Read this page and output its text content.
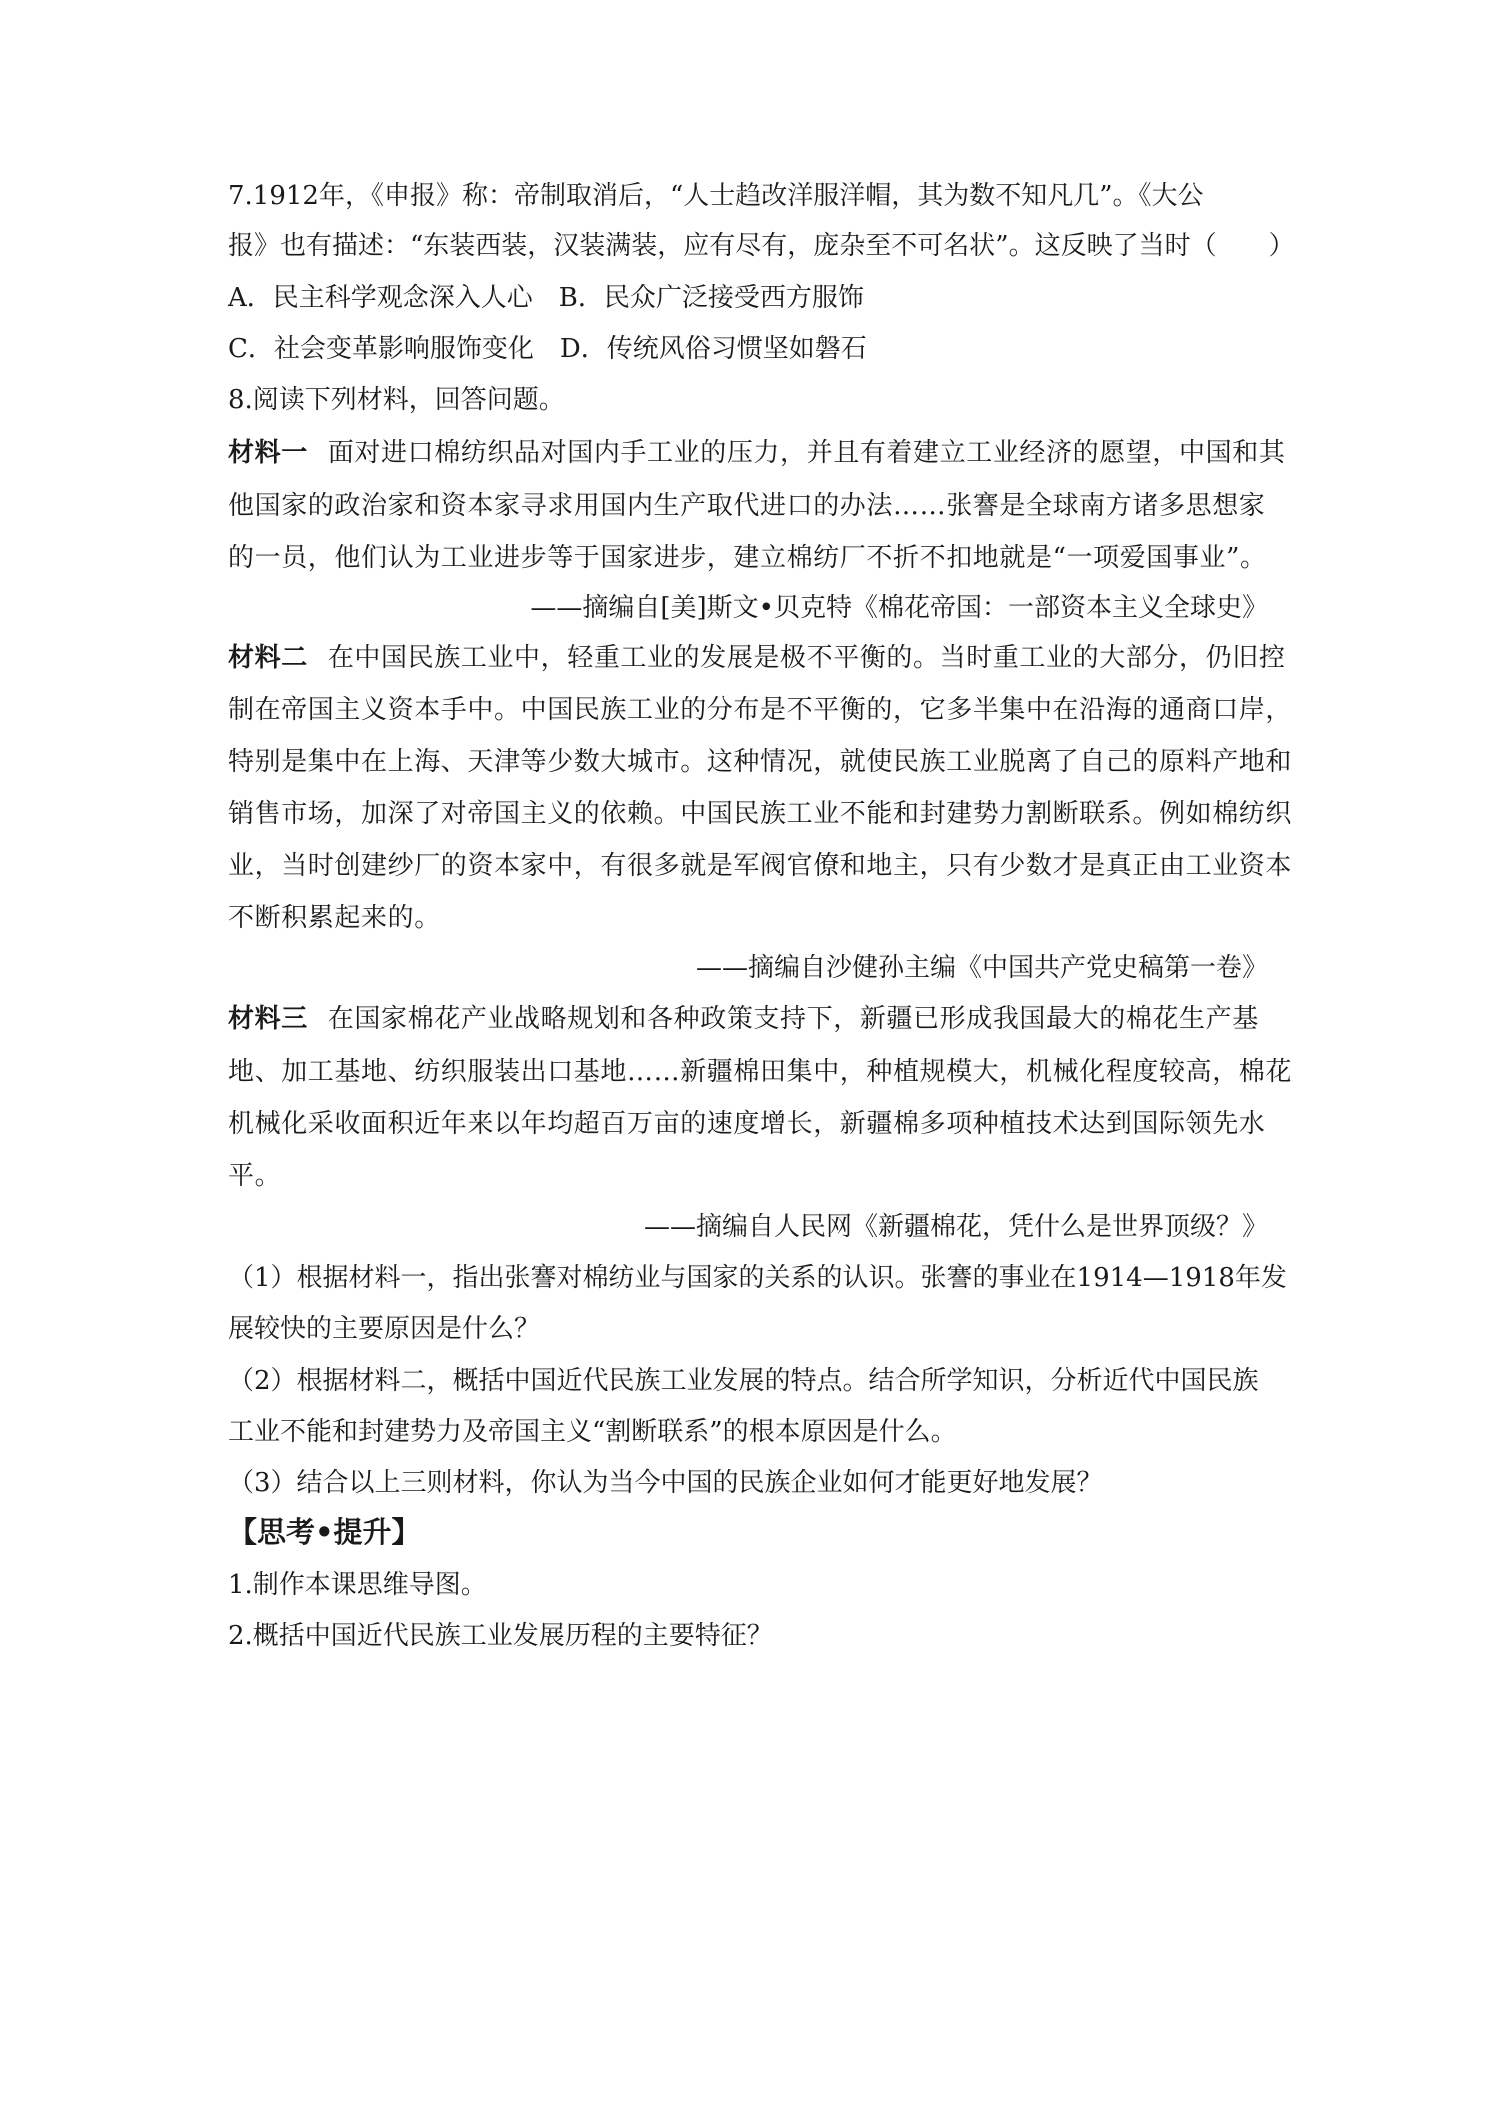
7.1912年，《申报》称：帝制取消后，“人士趋改洋服洋帽，其为数不知凡几”。《大公
报》也有描述：“东装西装，汉装满装，应有尽有，庞杂至不可名状”。这反映了当时（　　）
A．民主科学观念深入人心 B．民众广泛接受西方服饰
C．社会变革影响服饰变化 D．传统风俗习惯坚如磐石
8.阅读下列材料，回答问题。
材料一 面对进口棉纺织品对国内手工业的压力，并且有着建立工业经济的愿望，中国和其
他国家的政治家和资本家寻求用国内生产取代进口的办法……张謇是全球南方诸多思想家
的一员，他们认为工业进步等于国家进步，建立棉纺厂不折不扣地就是“一项爱国事业”。
——摘编自[美]斯文•贝克特《棉花帝国：一部资本主义全球史》
材料二 在中国民族工业中，轻重工业的发展是极不平衡的。当时重工业的大部分，仍旧控
制在帝国主义资本手中。中国民族工业的分布是不平衡的，它多半集中在沿海的通商口岸，
特别是集中在上海、天津等少数大城市。这种情况，就使民族工业脱离了自己的原料产地和
销售市场，加深了对帝国主义的依赖。中国民族工业不能和封建势力割断联系。例如棉纺织
业，当时创建纱厂的资本家中，有很多就是军阀官僚和地主，只有少数才是真正由工业资本
不断积累起来的。
——摘编自沙健孙主编《中国共产党史稿第一卷》
材料三 在国家棉花产业战略规划和各种政策支持下，新疆已形成我国最大的棉花生产基
地、加工基地、纺织服装出口基地……新疆棉田集中，种植规模大，机械化程度较高，棉花
机械化采收面积近年来以年均超百万亩的速度增长，新疆棉多项种植技术达到国际领先水
平。
——摘编自人民网《新疆棉花，凭什么是世界顶级？》
（1）根据材料一，指出张謇对棉纺业与国家的关系的认识。张謇的事业在1914—1918年发
展较快的主要原因是什么？
（2）根据材料二，概括中国近代民族工业发展的特点。结合所学知识，分析近代中国民族
工业不能和封建势力及帝国主义“割断联系”的根本原因是什么。
（3）结合以上三则材料，你认为当今中国的民族企业如何才能更好地发展？
【思考•提升】
1.制作本课思维导图。
2.概括中国近代民族工业发展历程的主要特征？
